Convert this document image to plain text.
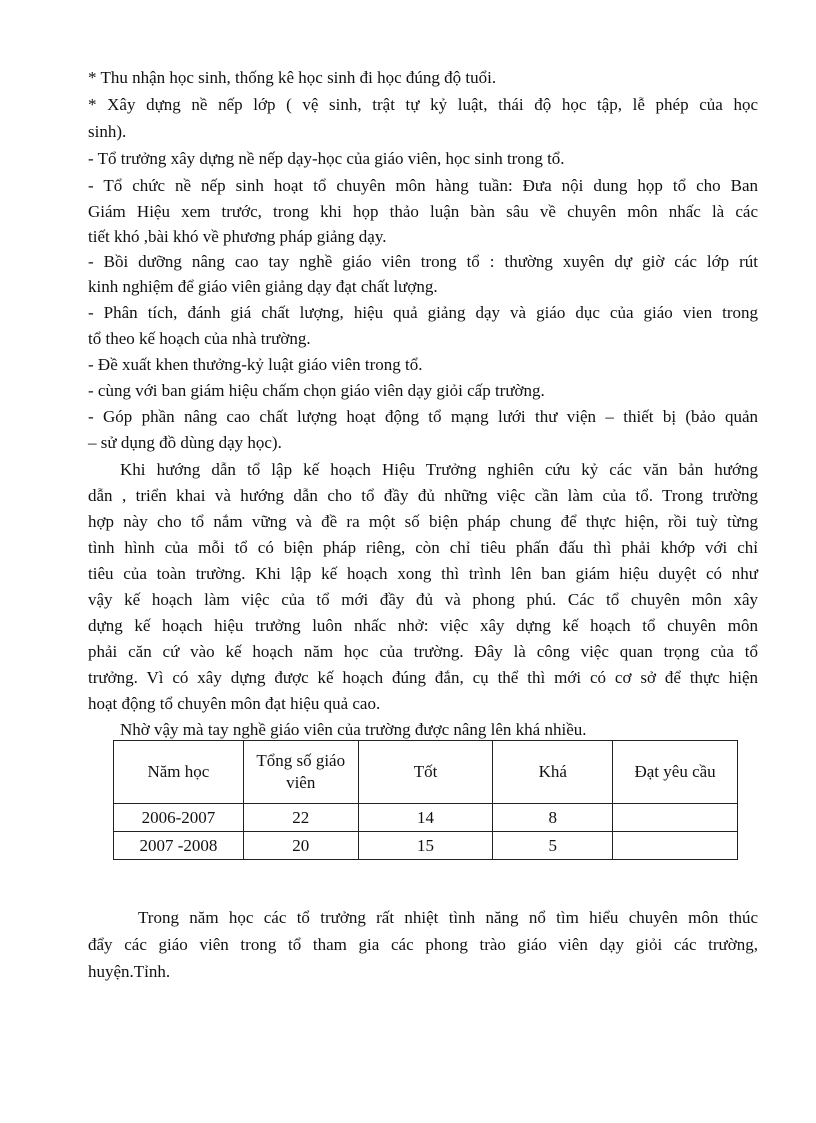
* Thu nhận học sinh, thống kê học sinh đi học đúng độ tuổi.
* Xây dựng nề nếp lớp ( vệ sinh, trật tự kỷ luật, thái độ học tập, lễ phép của học
sinh).
- Tổ trưởng xây dựng nề nếp dạy-học của giáo viên, học sinh trong tổ.
- Tổ chức nề nếp sinh hoạt tổ chuyên môn hàng tuần: Đưa nội dung họp tổ cho Ban
Giám Hiệu xem trước, trong khi họp thảo luận bàn sâu về chuyên môn nhấc là các
tiết khó ,bài khó về phương pháp giảng dạy.
- Bồi dưỡng nâng cao tay nghề giáo viên trong tổ : thường xuyên dự giờ các lớp rút
kinh nghiệm để giáo viên giảng dạy đạt chất lượng.
- Phân tích, đánh giá chất lượng, hiệu quả giảng dạy và giáo dục của giáo vien trong
tổ theo kế hoạch của nhà trường.
- Đề xuất khen thưởng-kỷ luật giáo viên trong tổ.
- cùng với ban giám hiệu chấm chọn giáo viên dạy giỏi cấp trường.
- Góp phần nâng cao chất lượng hoạt động tổ mạng lưới thư viện – thiết bị (bảo quản
– sử dụng đồ dùng dạy học).
Khi hướng dẫn tổ lập kế hoạch Hiệu Trưởng nghiên cứu kỷ các văn bản hướng
dẫn , triển khai và hướng dẫn cho tổ đầy đủ những việc cần làm của tổ. Trong trường
hợp này cho tổ nắm vững và đề ra một số biện pháp chung để thực hiện, rồi tuỳ từng
tình hình của mỗi tổ có biện pháp riêng, còn chỉ tiêu phấn đấu thì phải khớp với chỉ
tiêu của toàn trường. Khi lập kế hoạch xong thì trình lên ban giám hiệu duyệt có như
vậy kế hoạch làm việc của tổ mới đầy đủ và phong phú. Các tổ chuyên môn xây
dựng kế hoạch hiệu trưởng luôn nhấc nhở: việc xây dựng kế hoạch tổ chuyên môn
phải căn cứ vào kế hoạch năm học của trường. Đây là công việc quan trọng của tổ
trưởng. Vì có xây dựng được kế hoạch đúng đắn, cụ thể thì mới có cơ sở để thực hiện
hoạt động tổ chuyên môn đạt hiệu quả cao.
Nhờ vậy mà tay nghề giáo viên của trường được nâng lên khá nhiều.
Năm học	Tổng số giáo viên	Tốt	Khá	Đạt yêu cầu
2006-2007	22	14	8	
2007 -2008	20	15	5	
Trong năm học các tổ trưởng rất nhiệt tình năng nổ tìm hiểu chuyên môn thúc
đẩy các giáo viên trong tổ tham gia các phong trào giáo viên dạy giỏi các trường,
huyện.Tỉnh.
